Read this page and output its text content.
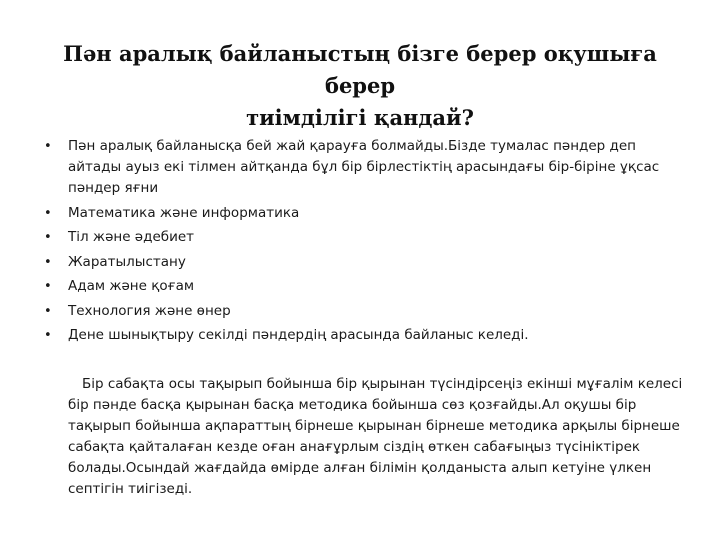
Пән аралық байланыстың бізге берер оқушыға берер
тиімділігі қандай?
• Пән аралық байланысқа бей жай қарауға болмайды.Бізде тумалас пәндер деп айтады ауыз екі тілмен айтқанда бұл бір бірлестіктің арасындағы бір-біріне ұқсас пәндер яғни
• Математика және информатика
• Тіл және әдебиет
• Жаратылыстану
• Адам және қоғам
• Технология және өнер
• Дене шынықтыру секілді пәндердің арасында байланыс келеді.

Бір сабақта осы тақырып бойынша бір қырынан түсіндірсеңіз екінші мұғалім келесі бір пәнде басқа қырынан басқа методика бойынша сөз қозғайды.Ал оқушы бір тақырып бойынша ақпараттың бірнеше қырынан бірнеше методика арқылы бірнеше сабақта қайталаған кезде оған анағұрлым сіздің өткен сабағыңыз түсініктірек болады.Осындай жағдайда өмірде алған білімін қолданыста алып кетуіне үлкен септігін тиігізеді.
